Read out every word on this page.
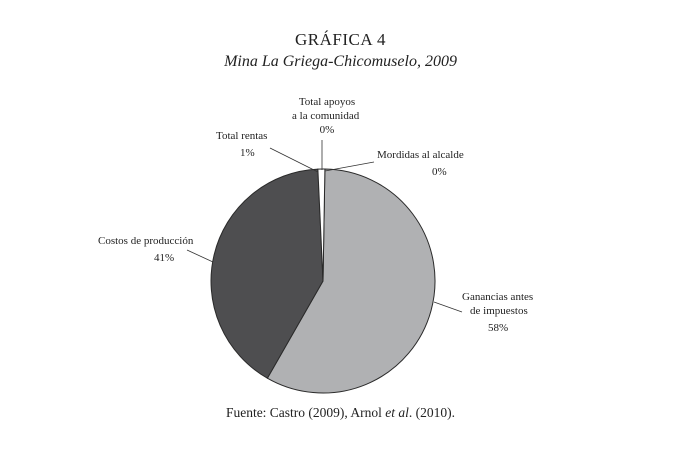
GRÁFICA 4
Mina La Griega-Chicomuselo, 2009
Total apoyos
a la comunidad
0%
Mordidas al alcalde
0%
Total rentas
1%
Ganancias antes
de impuestos
58%
Costos de producción
41%
Fuente: Castro (2009), Arnol et al. (2010).
